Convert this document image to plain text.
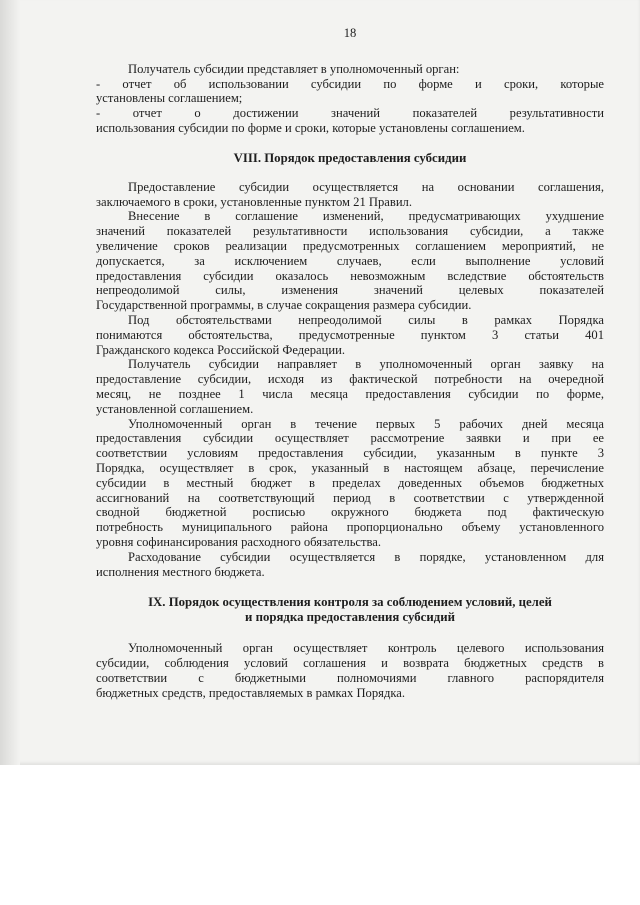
18
Получатель субсидии представляет в уполномоченный орган:
- отчет об использовании субсидии по форме и сроки, которые
установлены соглашением;
- отчет о достижении значений показателей результативности
использования субсидии по форме и сроки, которые установлены соглашением.
VIII. Порядок предоставления субсидии
Предоставление субсидии осуществляется на основании соглашения,
заключаемого в сроки, установленные пунктом 21 Правил.
Внесение в соглашение изменений, предусматривающих ухудшение
значений показателей результативности использования субсидии, а также
увеличение сроков реализации предусмотренных соглашением мероприятий, не
допускается, за исключением случаев, если выполнение условий
предоставления субсидии оказалось невозможным вследствие обстоятельств
непреодолимой силы, изменения значений целевых показателей
Государственной программы, в случае сокращения размера субсидии.
Под обстоятельствами непреодолимой силы в рамках Порядка
понимаются обстоятельства, предусмотренные пунктом 3 статьи 401
Гражданского кодекса Российской Федерации.
Получатель субсидии направляет в уполномоченный орган заявку на
предоставление субсидии, исходя из фактической потребности на очередной
месяц, не позднее 1 числа месяца предоставления субсидии по форме,
установленной соглашением.
Уполномоченный орган в течение первых 5 рабочих дней месяца
предоставления субсидии осуществляет рассмотрение заявки и при ее
соответствии условиям предоставления субсидии, указанным в пункте 3
Порядка, осуществляет в срок, указанный в настоящем абзаце, перечисление
субсидии в местный бюджет в пределах доведенных объемов бюджетных
ассигнований на соответствующий период в соответствии с утвержденной
сводной бюджетной росписью окружного бюджета под фактическую
потребность муниципального района пропорционально объему установленного
уровня софинансирования расходного обязательства.
Расходование субсидии осуществляется в порядке, установленном для
исполнения местного бюджета.
IX. Порядок осуществления контроля за соблюдением условий, целей
и порядка предоставления субсидий
Уполномоченный орган осуществляет контроль целевого использования
субсидии, соблюдения условий соглашения и возврата бюджетных средств в
соответствии с бюджетными полномочиями главного распорядителя
бюджетных средств, предоставляемых в рамках Порядка.
